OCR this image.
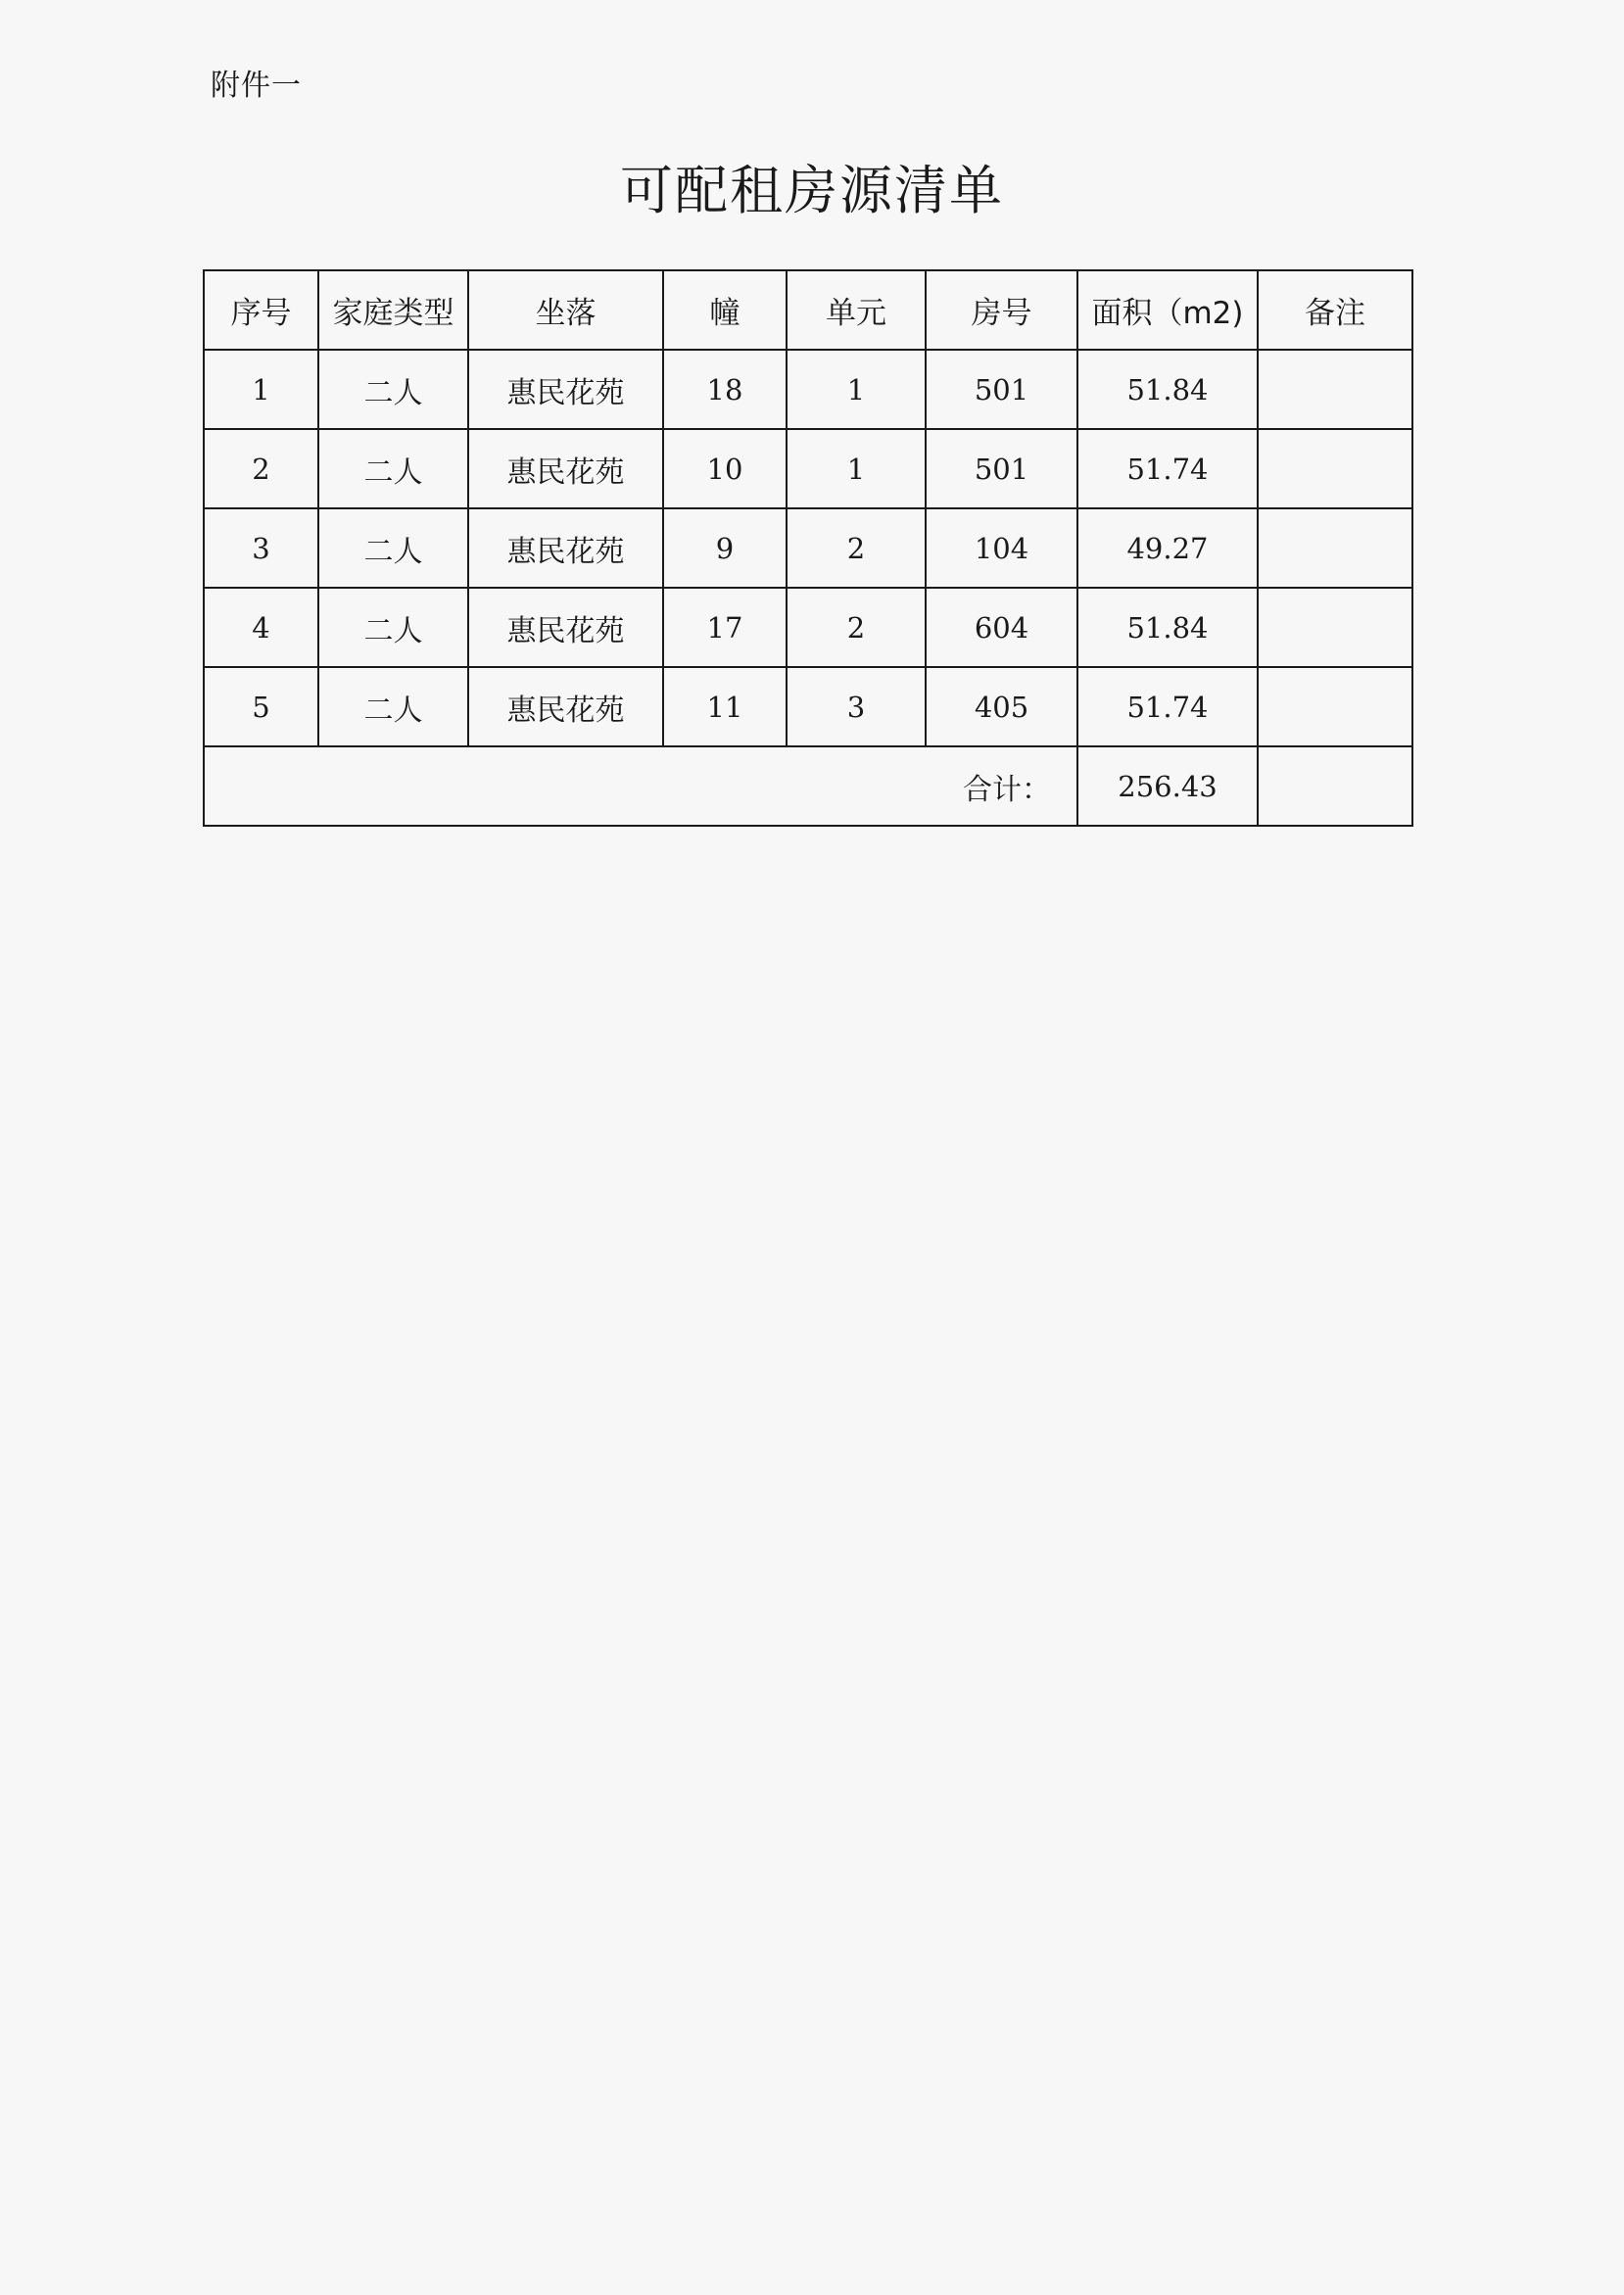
附件一
可配租房源清单
序号	家庭类型	坐落	幢	单元	房号	面积（m2)	备注
1	二人	惠民花苑	18	1	501	51.84	
2	二人	惠民花苑	10	1	501	51.74	
3	二人	惠民花苑	9	2	104	49.27	
4	二人	惠民花苑	17	2	604	51.84	
5	二人	惠民花苑	11	3	405	51.74	
合计：						256.43	
